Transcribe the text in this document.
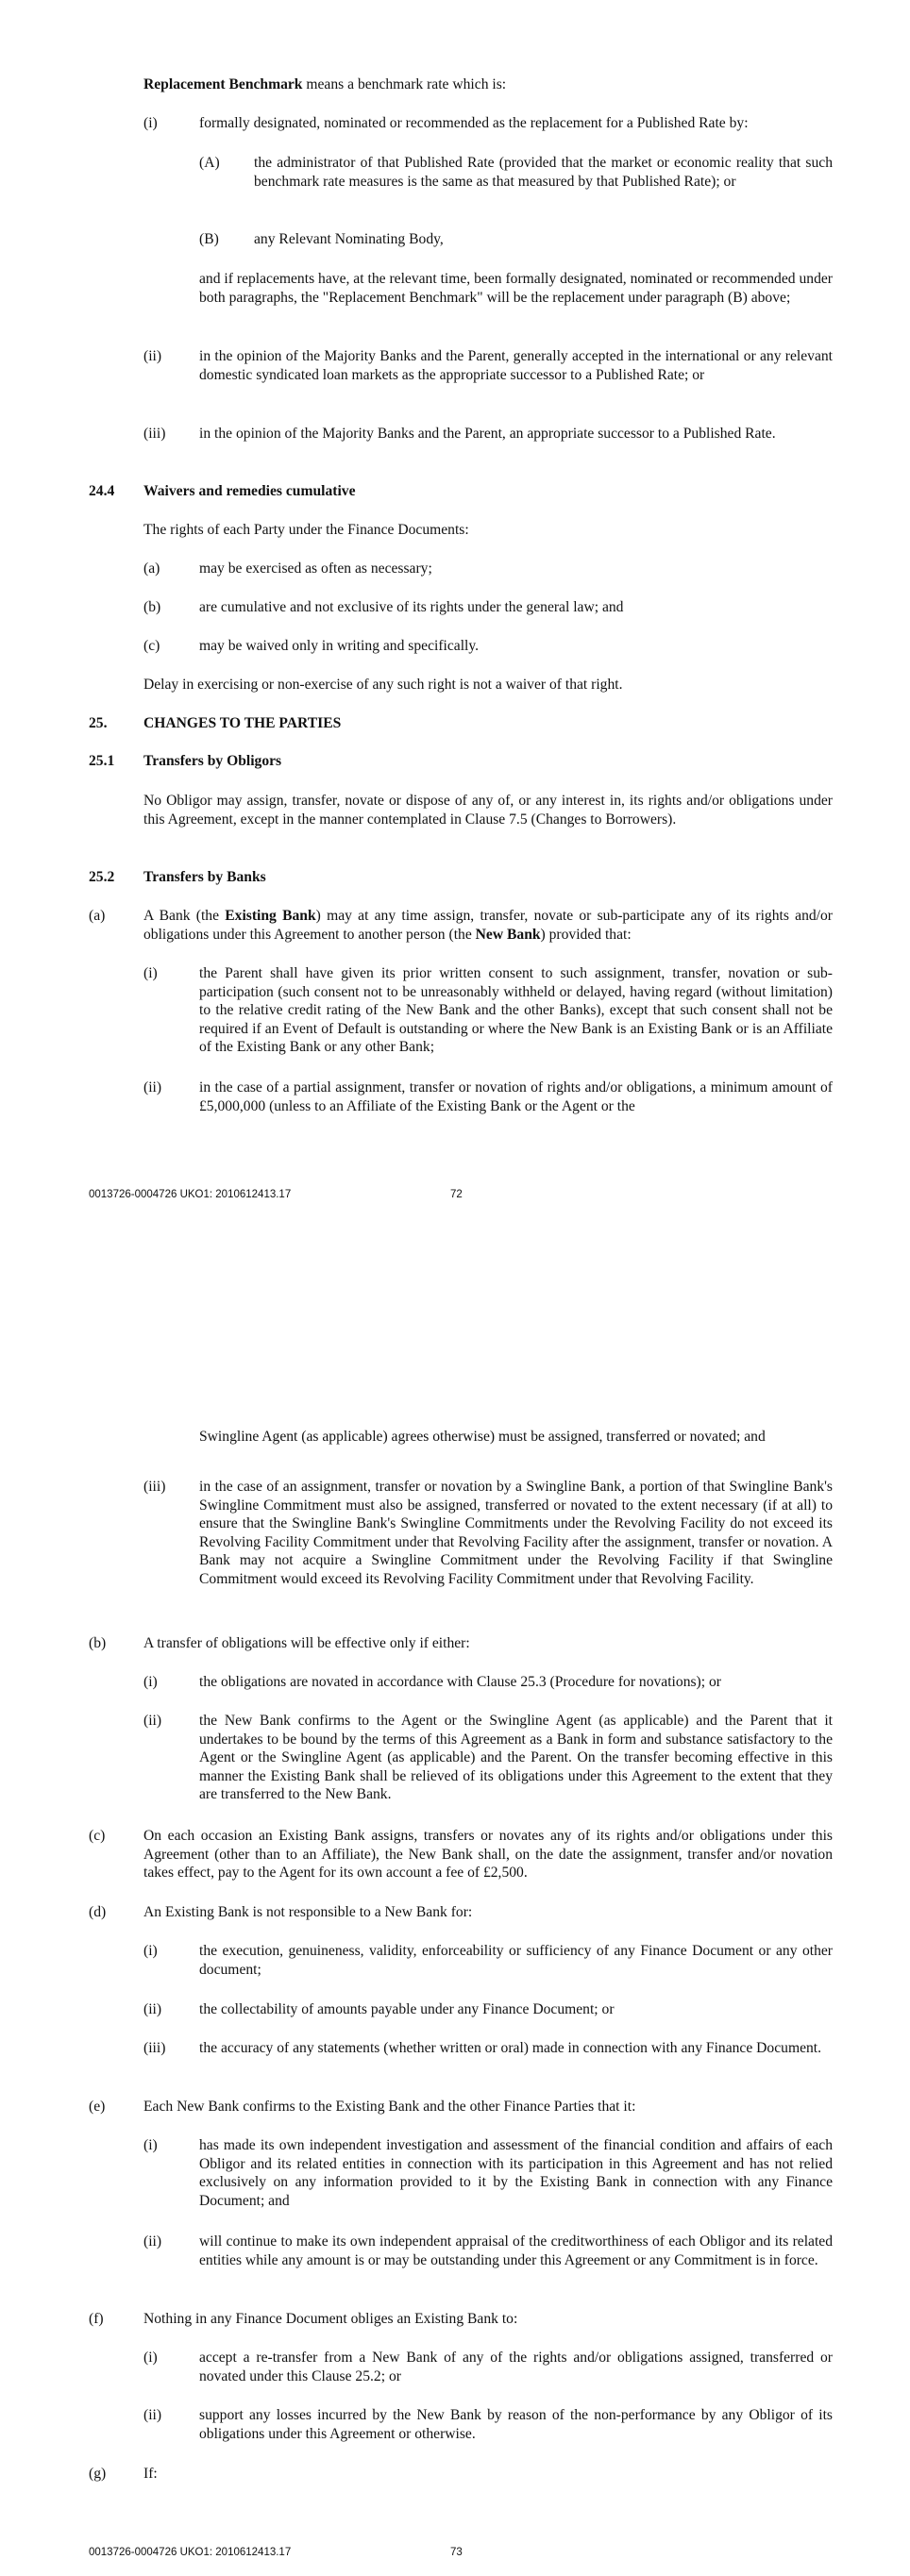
Replacement Benchmark means a benchmark rate which is:
(i)	formally designated, nominated or recommended as the replacement for a Published Rate by:
(A) the administrator of that Published Rate (provided that the market or economic reality that such benchmark rate measures is the same as that measured by that Published Rate); or
(B) any Relevant Nominating Body,
and if replacements have, at the relevant time, been formally designated, nominated or recommended under both paragraphs, the "Replacement Benchmark" will be the replacement under paragraph (B) above;
(ii)	in the opinion of the Majority Banks and the Parent, generally accepted in the international or any relevant domestic syndicated loan markets as the appropriate successor to a Published Rate; or
(iii) in the opinion of the Majority Banks and the Parent, an appropriate successor to a Published Rate.
24.4 Waivers and remedies cumulative
The rights of each Party under the Finance Documents:
(a)	may be exercised as often as necessary;
(b)	are cumulative and not exclusive of its rights under the general law; and
(c)	may be waived only in writing and specifically.
Delay in exercising or non-exercise of any such right is not a waiver of that right.
25. CHANGES TO THE PARTIES
25.1 Transfers by Obligors
No Obligor may assign, transfer, novate or dispose of any of, or any interest in, its rights and/or obligations under this Agreement, except in the manner contemplated in Clause 7.5 (Changes to Borrowers).
25.2 Transfers by Banks
(a)	A Bank (the Existing Bank) may at any time assign, transfer, novate or sub-participate any of its rights and/or obligations under this Agreement to another person (the New Bank) provided that:
(i)	the Parent shall have given its prior written consent to such assignment, transfer, novation or sub-participation (such consent not to be unreasonably withheld or delayed, having regard (without limitation) to the relative credit rating of the New Bank and the other Banks), except that such consent shall not be required if an Event of Default is outstanding or where the New Bank is an Existing Bank or is an Affiliate of the Existing Bank or any other Bank;
(ii)	in the case of a partial assignment, transfer or novation of rights and/or obligations, a minimum amount of £5,000,000 (unless to an Affiliate of the Existing Bank or the Agent or the
0013726-0004726 UKO1: 2010612413.17	72
Swingline Agent (as applicable) agrees otherwise) must be assigned, transferred or novated; and
(iii) in the case of an assignment, transfer or novation by a Swingline Bank, a portion of that Swingline Bank's Swingline Commitment must also be assigned, transferred or novated to the extent necessary (if at all) to ensure that the Swingline Bank's Swingline Commitments under the Revolving Facility do not exceed its Revolving Facility Commitment under that Revolving Facility after the assignment, transfer or novation. A Bank may not acquire a Swingline Commitment under the Revolving Facility if that Swingline Commitment would exceed its Revolving Facility Commitment under that Revolving Facility.
(b)	A transfer of obligations will be effective only if either:
(i)	the obligations are novated in accordance with Clause 25.3 (Procedure for novations); or
(ii)	the New Bank confirms to the Agent or the Swingline Agent (as applicable) and the Parent that it undertakes to be bound by the terms of this Agreement as a Bank in form and substance satisfactory to the Agent or the Swingline Agent (as applicable) and the Parent. On the transfer becoming effective in this manner the Existing Bank shall be relieved of its obligations under this Agreement to the extent that they are transferred to the New Bank.
(c)	On each occasion an Existing Bank assigns, transfers or novates any of its rights and/or obligations under this Agreement (other than to an Affiliate), the New Bank shall, on the date the assignment, transfer and/or novation takes effect, pay to the Agent for its own account a fee of £2,500.
(d)	An Existing Bank is not responsible to a New Bank for:
(i)	the execution, genuineness, validity, enforceability or sufficiency of any Finance Document or any other document;
(ii)	the collectability of amounts payable under any Finance Document; or
(iii) the accuracy of any statements (whether written or oral) made in connection with any Finance Document.
(e)	Each New Bank confirms to the Existing Bank and the other Finance Parties that it:
(i)	has made its own independent investigation and assessment of the financial condition and affairs of each Obligor and its related entities in connection with its participation in this Agreement and has not relied exclusively on any information provided to it by the Existing Bank in connection with any Finance Document; and
(ii)	will continue to make its own independent appraisal of the creditworthiness of each Obligor and its related entities while any amount is or may be outstanding under this Agreement or any Commitment is in force.
(f)	Nothing in any Finance Document obliges an Existing Bank to:
(i)	accept a re-transfer from a New Bank of any of the rights and/or obligations assigned, transferred or novated under this Clause 25.2; or
(ii)	support any losses incurred by the New Bank by reason of the non-performance by any Obligor of its obligations under this Agreement or otherwise.
(g)	If:
0013726-0004726 UKO1: 2010612413.17	73
